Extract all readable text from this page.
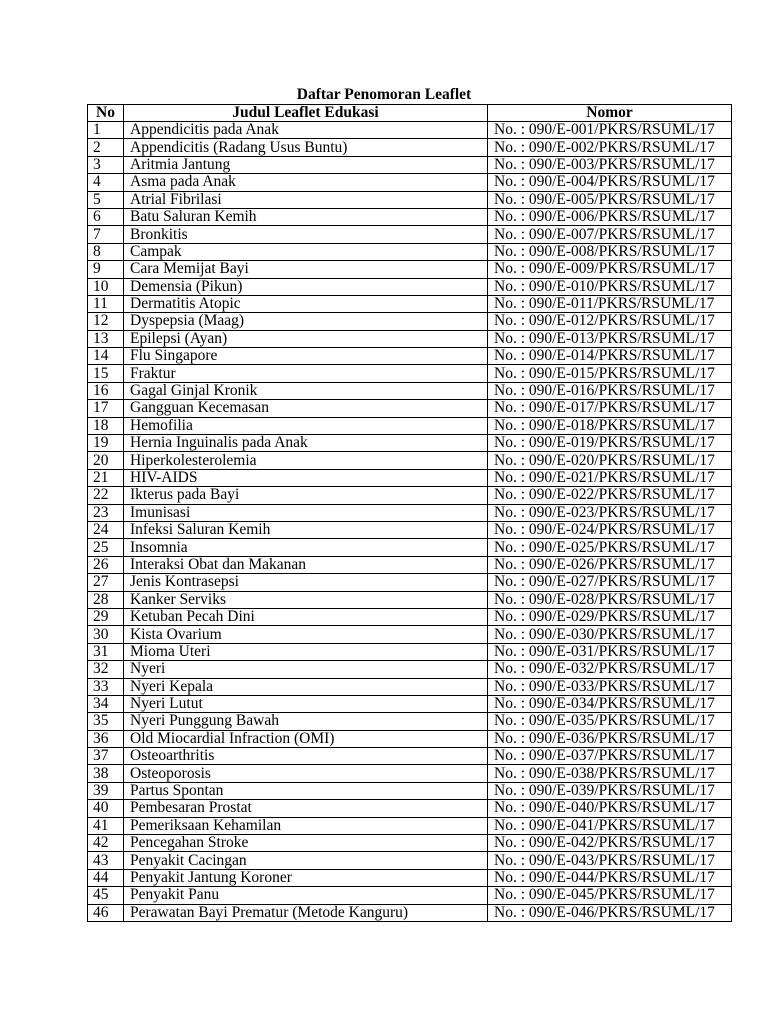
Daftar Penomoran Leaflet
No	Judul Leaflet Edukasi	Nomor
1	Appendicitis pada Anak	No. : 090/E-001/PKRS/RSUML/17
2	Appendicitis (Radang Usus Buntu)	No. : 090/E-002/PKRS/RSUML/17
3	Aritmia Jantung	No. : 090/E-003/PKRS/RSUML/17
4	Asma pada Anak	No. : 090/E-004/PKRS/RSUML/17
5	Atrial Fibrilasi	No. : 090/E-005/PKRS/RSUML/17
6	Batu Saluran Kemih	No. : 090/E-006/PKRS/RSUML/17
7	Bronkitis	No. : 090/E-007/PKRS/RSUML/17
8	Campak	No. : 090/E-008/PKRS/RSUML/17
9	Cara Memijat Bayi	No. : 090/E-009/PKRS/RSUML/17
10	Demensia (Pikun)	No. : 090/E-010/PKRS/RSUML/17
11	Dermatitis Atopic	No. : 090/E-011/PKRS/RSUML/17
12	Dyspepsia (Maag)	No. : 090/E-012/PKRS/RSUML/17
13	Epilepsi (Ayan)	No. : 090/E-013/PKRS/RSUML/17
14	Flu Singapore	No. : 090/E-014/PKRS/RSUML/17
15	Fraktur	No. : 090/E-015/PKRS/RSUML/17
16	Gagal Ginjal Kronik	No. : 090/E-016/PKRS/RSUML/17
17	Gangguan Kecemasan	No. : 090/E-017/PKRS/RSUML/17
18	Hemofilia	No. : 090/E-018/PKRS/RSUML/17
19	Hernia Inguinalis pada Anak	No. : 090/E-019/PKRS/RSUML/17
20	Hiperkolesterolemia	No. : 090/E-020/PKRS/RSUML/17
21	HIV-AIDS	No. : 090/E-021/PKRS/RSUML/17
22	Ikterus pada Bayi	No. : 090/E-022/PKRS/RSUML/17
23	Imunisasi	No. : 090/E-023/PKRS/RSUML/17
24	Infeksi Saluran Kemih	No. : 090/E-024/PKRS/RSUML/17
25	Insomnia	No. : 090/E-025/PKRS/RSUML/17
26	Interaksi Obat dan Makanan	No. : 090/E-026/PKRS/RSUML/17
27	Jenis Kontrasepsi	No. : 090/E-027/PKRS/RSUML/17
28	Kanker Serviks	No. : 090/E-028/PKRS/RSUML/17
29	Ketuban Pecah Dini	No. : 090/E-029/PKRS/RSUML/17
30	Kista Ovarium	No. : 090/E-030/PKRS/RSUML/17
31	Mioma Uteri	No. : 090/E-031/PKRS/RSUML/17
32	Nyeri	No. : 090/E-032/PKRS/RSUML/17
33	Nyeri Kepala	No. : 090/E-033/PKRS/RSUML/17
34	Nyeri Lutut	No. : 090/E-034/PKRS/RSUML/17
35	Nyeri Punggung Bawah	No. : 090/E-035/PKRS/RSUML/17
36	Old Miocardial Infraction (OMI)	No. : 090/E-036/PKRS/RSUML/17
37	Osteoarthritis	No. : 090/E-037/PKRS/RSUML/17
38	Osteoporosis	No. : 090/E-038/PKRS/RSUML/17
39	Partus Spontan	No. : 090/E-039/PKRS/RSUML/17
40	Pembesaran Prostat	No. : 090/E-040/PKRS/RSUML/17
41	Pemeriksaan Kehamilan	No. : 090/E-041/PKRS/RSUML/17
42	Pencegahan Stroke	No. : 090/E-042/PKRS/RSUML/17
43	Penyakit Cacingan	No. : 090/E-043/PKRS/RSUML/17
44	Penyakit Jantung Koroner	No. : 090/E-044/PKRS/RSUML/17
45	Penyakit Panu	No. : 090/E-045/PKRS/RSUML/17
46	Perawatan Bayi Prematur (Metode Kanguru)	No. : 090/E-046/PKRS/RSUML/17
